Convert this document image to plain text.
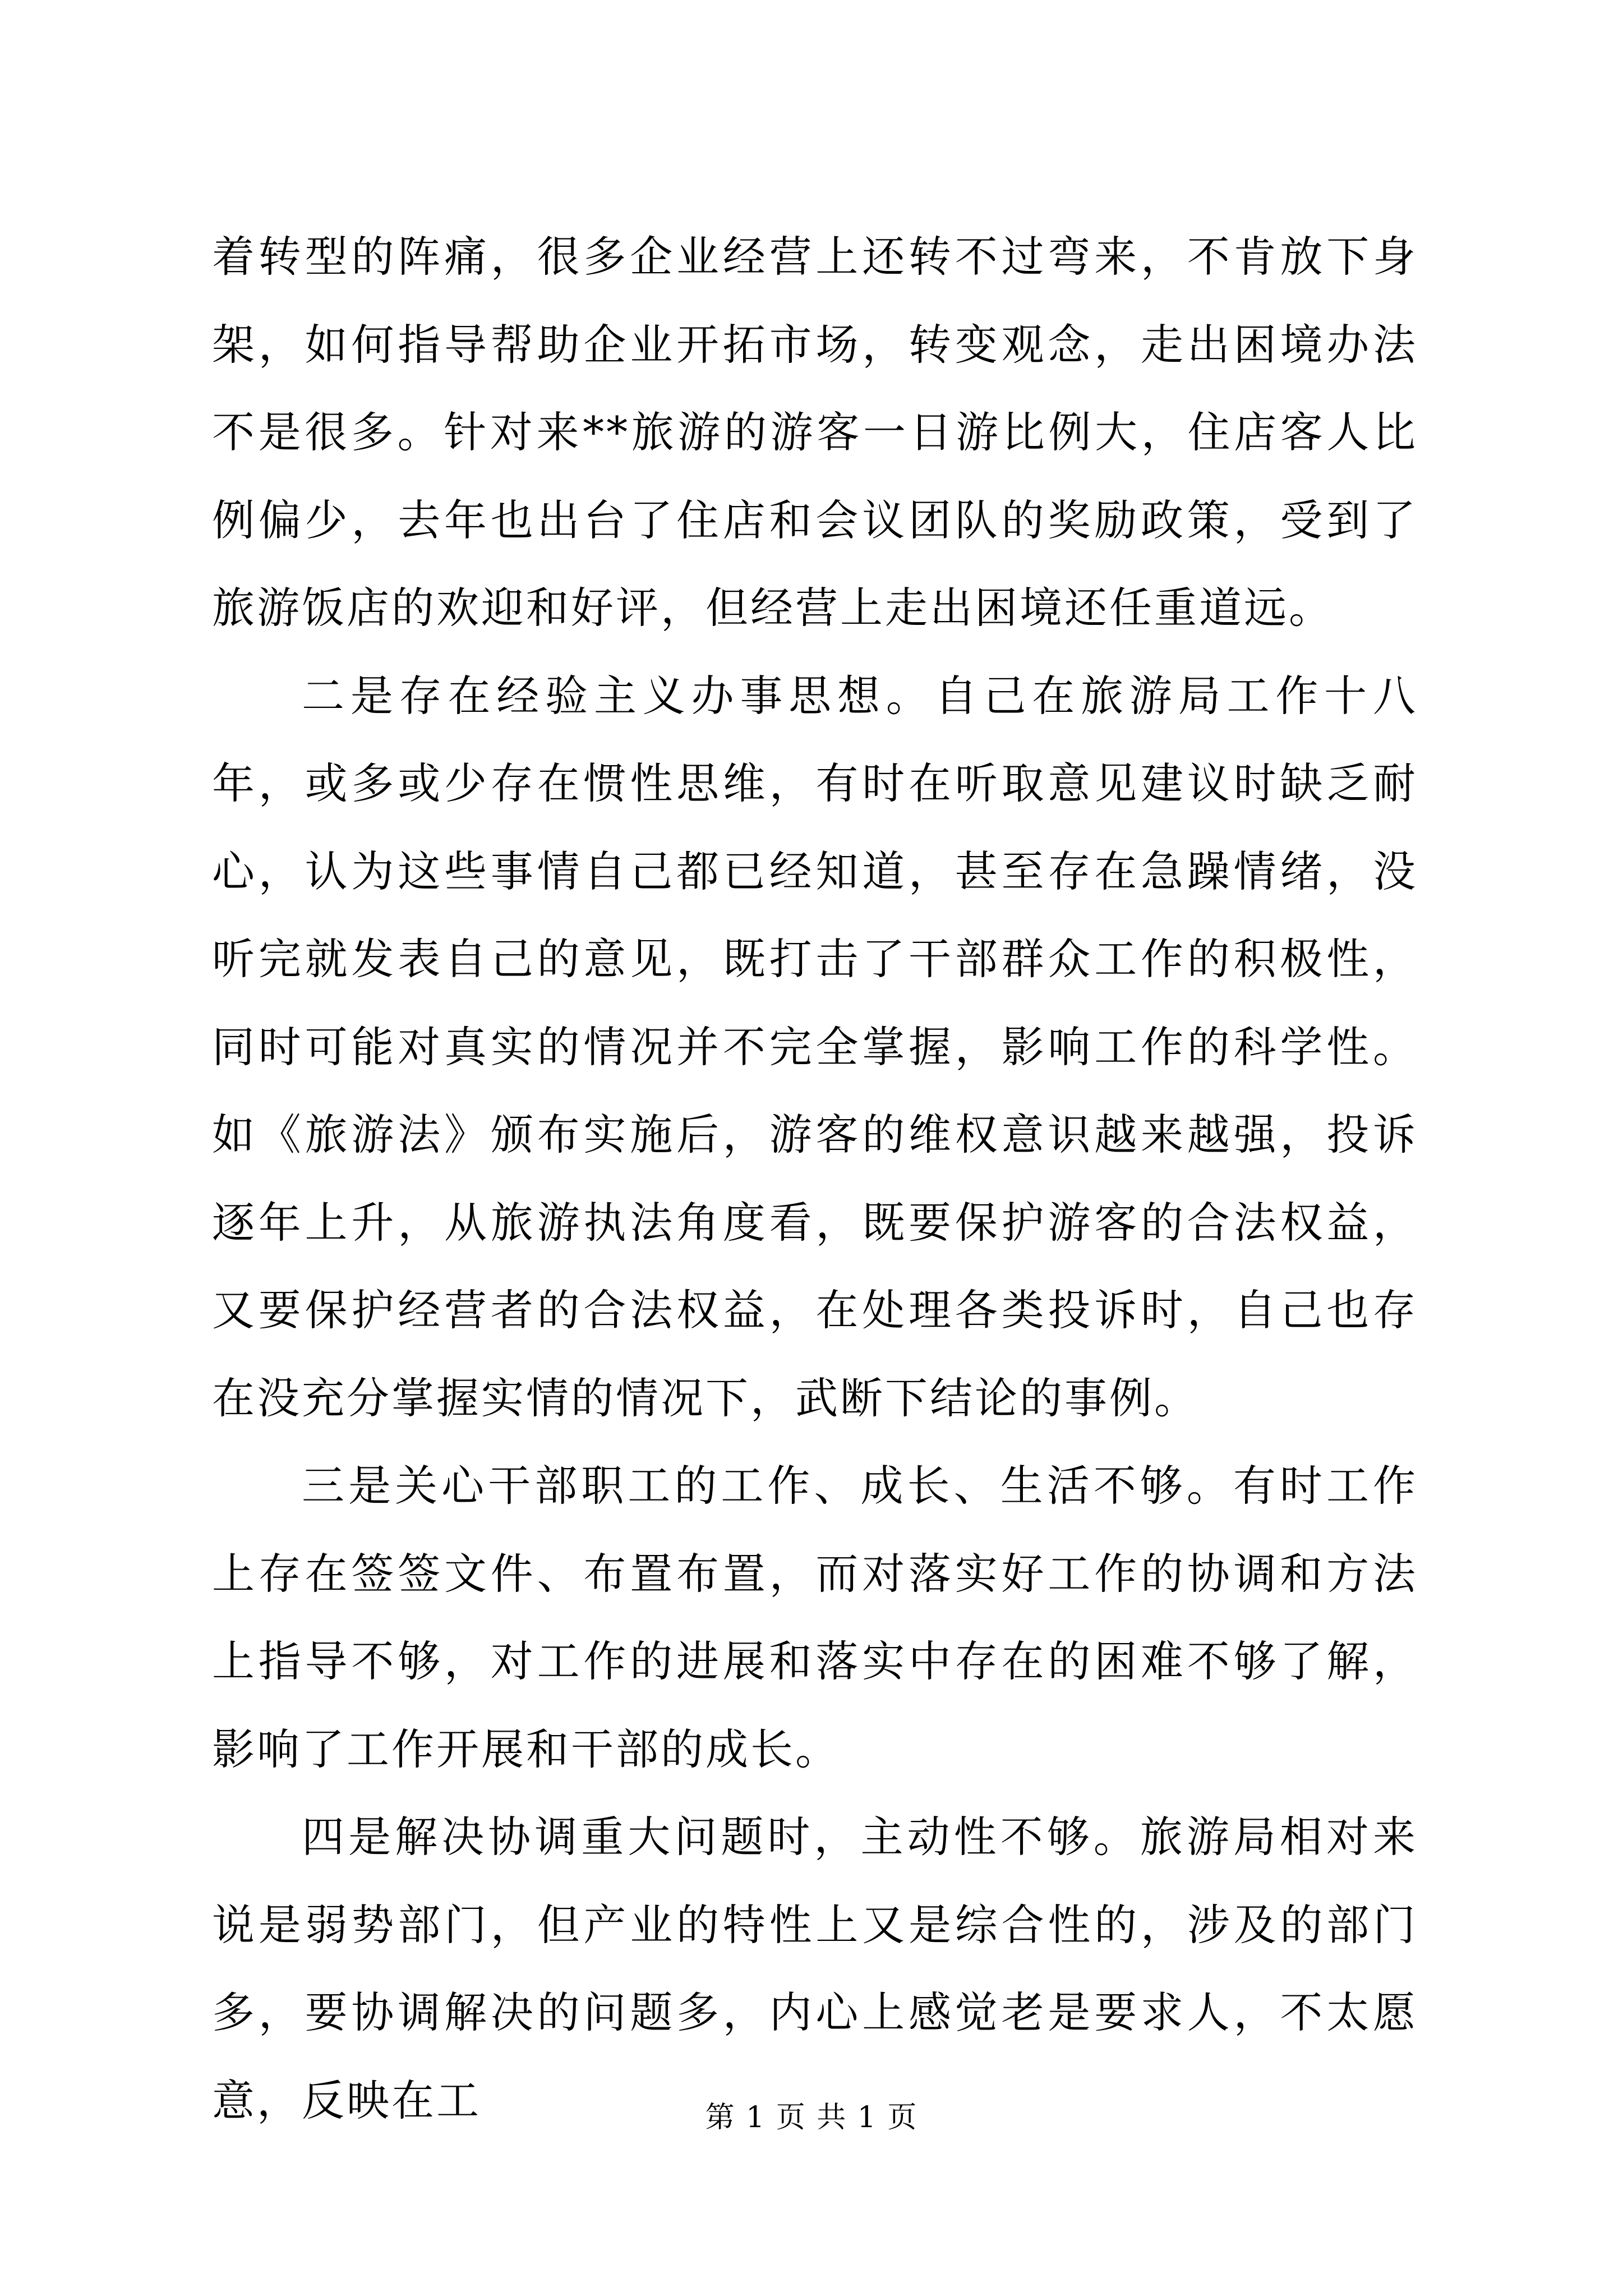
着转型的阵痛，很多企业经营上还转不过弯来，不肯放下身架，如何指导帮助企业开拓市场，转变观念，走出困境办法不是很多。针对来**旅游的游客一日游比例大，住店客人比例偏少，去年也出台了住店和会议团队的奖励政策，受到了旅游饭店的欢迎和好评，但经营上走出困境还任重道远。

二是存在经验主义办事思想。自己在旅游局工作十八年，或多或少存在惯性思维，有时在听取意见建议时缺乏耐心，认为这些事情自己都已经知道，甚至存在急躁情绪，没听完就发表自己的意见，既打击了干部群众工作的积极性，同时可能对真实的情况并不完全掌握，影响工作的科学性。如《旅游法》颁布实施后，游客的维权意识越来越强，投诉逐年上升，从旅游执法角度看，既要保护游客的合法权益，又要保护经营者的合法权益，在处理各类投诉时，自己也存在没充分掌握实情的情况下，武断下结论的事例。

三是关心干部职工的工作、成长、生活不够。有时工作上存在签签文件、布置布置，而对落实好工作的协调和方法上指导不够，对工作的进展和落实中存在的困难不够了解，影响了工作开展和干部的成长。

四是解决协调重大问题时，主动性不够。旅游局相对来说是弱势部门，但产业的特性上又是综合性的，涉及的部门多，要协调解决的问题多，内心上感觉老是要求人，不太愿意，反映在工	第 1 页 共 1 页
